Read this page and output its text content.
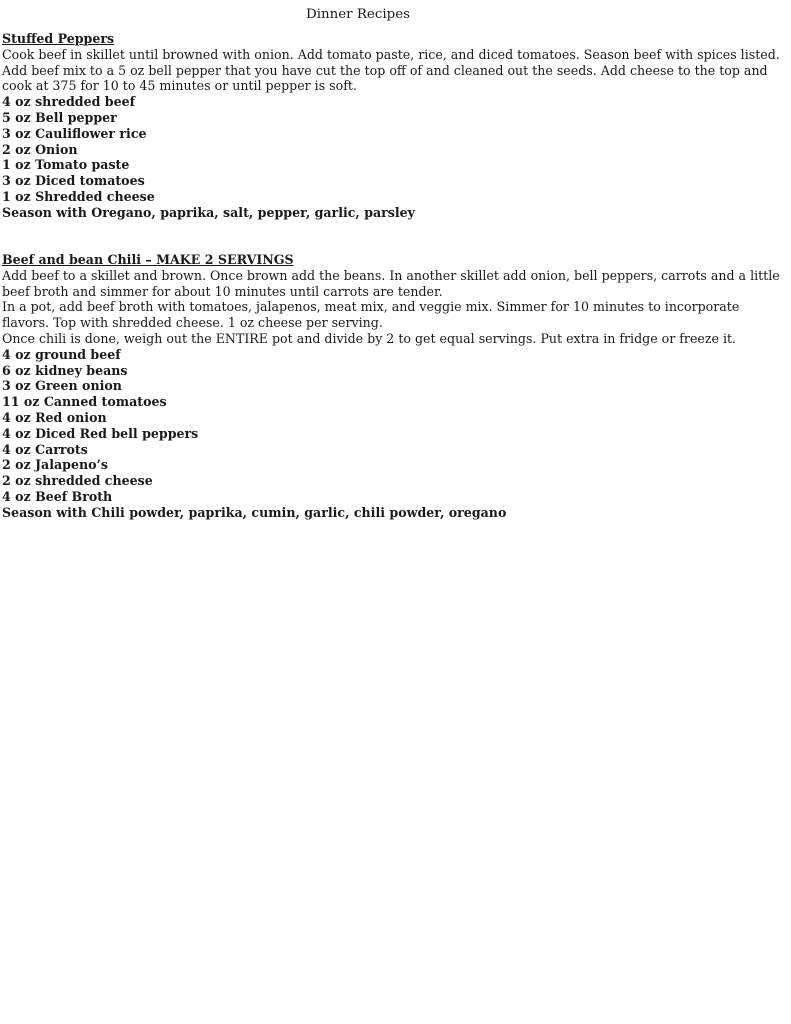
Dinner Recipes
Stuffed Peppers

Cook beef in skillet until browned with onion. Add tomato paste, rice, and diced tomatoes. Season beef with spices listed.

Add beef mix to a 5 oz bell pepper that you have cut the top off of and cleaned out the seeds. Add cheese to the top and cook at 375 for 10 to 45 minutes or until pepper is soft.

4 oz shredded beef
5 oz Bell pepper
3 oz Cauliflower rice
2 oz Onion
1 oz Tomato paste
3 oz Diced tomatoes
1 oz Shredded cheese

Season with Oregano, paprika, salt, pepper, garlic, parsley

Beef and bean Chili – MAKE 2 SERVINGS

Add beef to a skillet and brown. Once brown add the beans. In another skillet add onion, bell peppers, carrots and a little beef broth and simmer for about 10 minutes until carrots are tender.

In a pot, add beef broth with tomatoes, jalapenos, meat mix, and veggie mix. Simmer for 10 minutes to incorporate flavors. Top with shredded cheese. 1 oz cheese per serving.

Once chili is done, weigh out the ENTIRE pot and divide by 2 to get equal servings. Put extra in fridge or freeze it.

4 oz ground beef
6 oz kidney beans
3 oz Green onion
11 oz Canned tomatoes
4 oz Red onion
4 oz Diced Red bell peppers
4 oz Carrots
2 oz Jalapeno’s
2 oz shredded cheese
4 oz Beef Broth

Season with Chili powder, paprika, cumin, garlic, chili powder, oregano
